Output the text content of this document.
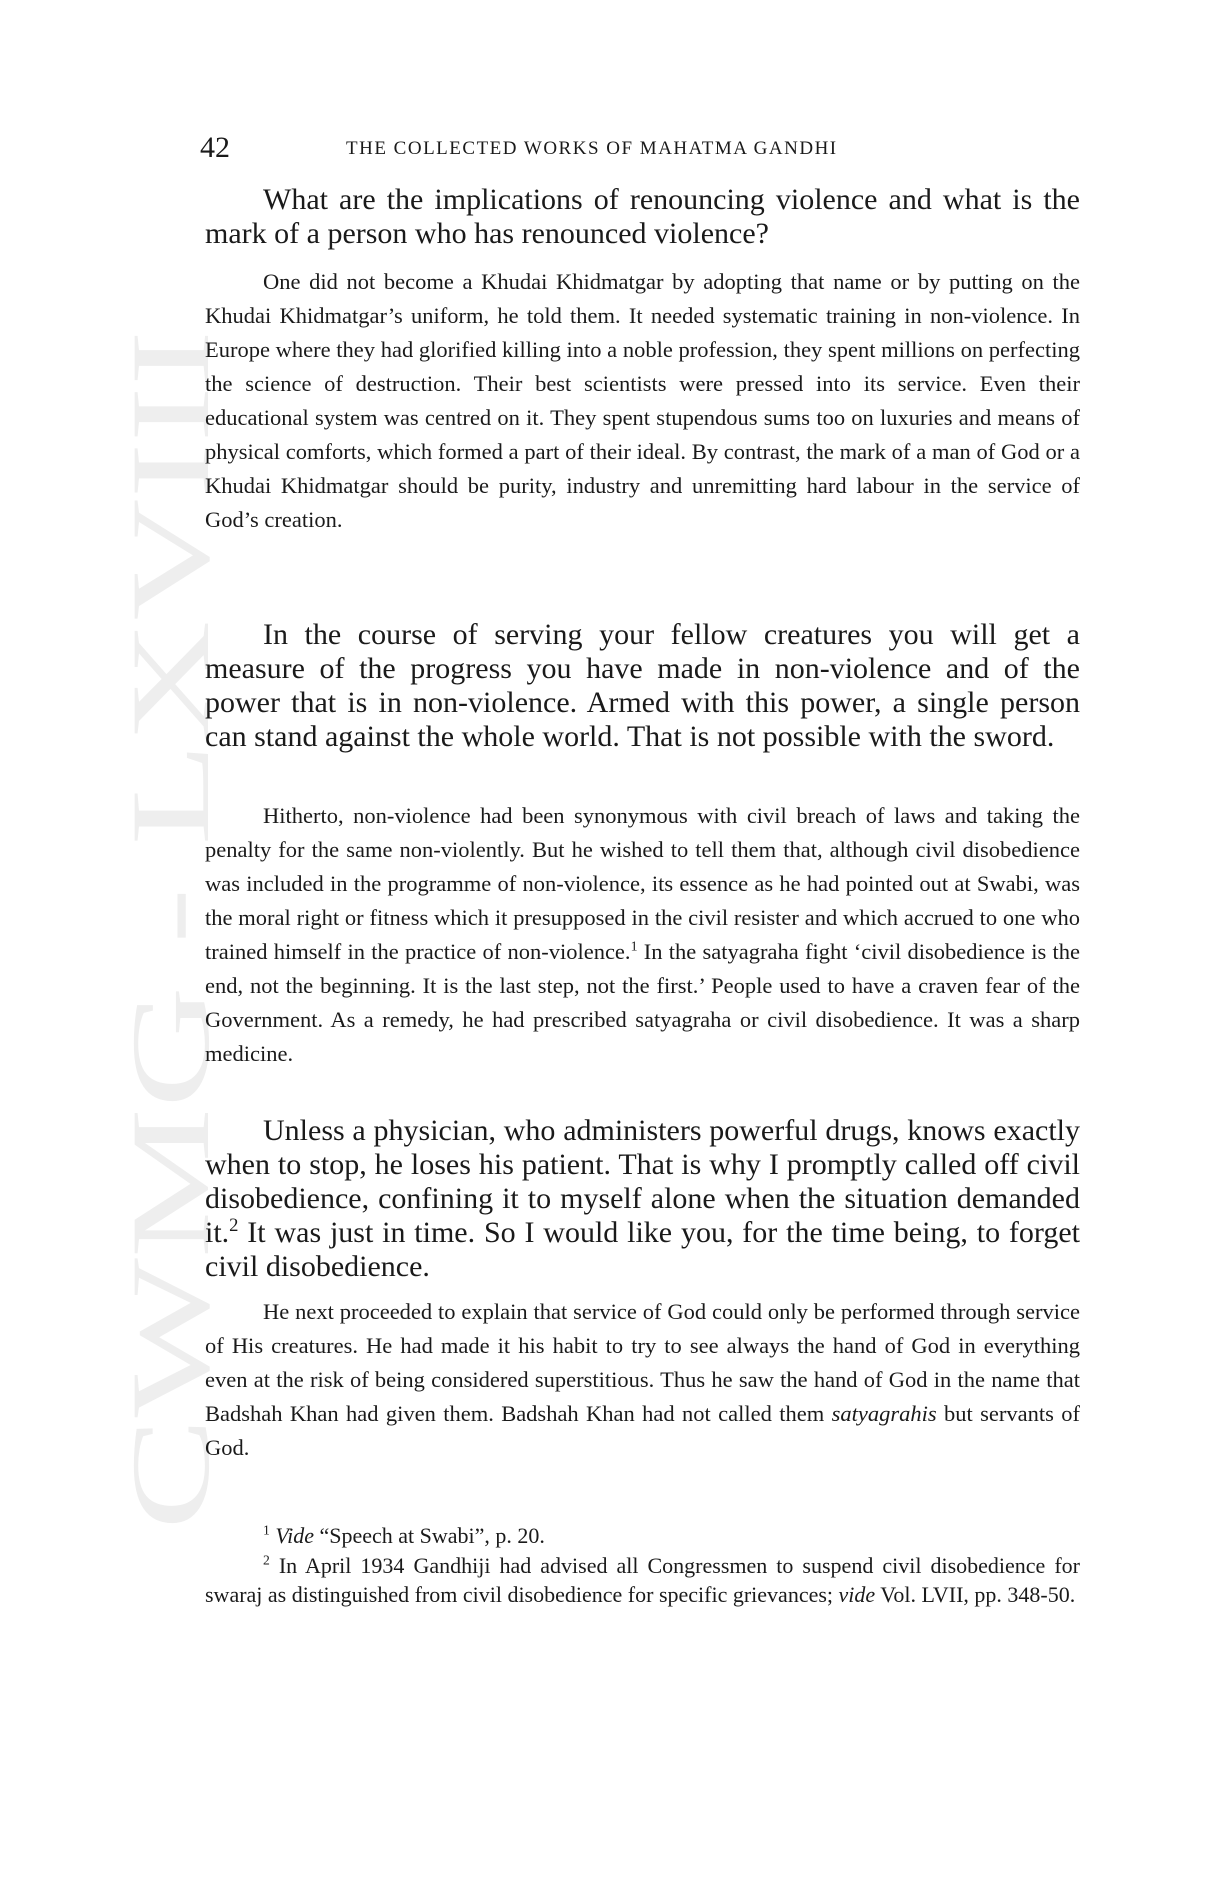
CWMG LXVIII
42	THE COLLECTED WORKS OF MAHATMA GANDHI
What are the implications of renouncing violence and what is the mark of a person who has renounced violence?
One did not become a Khudai Khidmatgar by adopting that name or by putting on the Khudai Khidmatgar’s uniform, he told them. It needed systematic training in non-violence. In Europe where they had glorified killing into a noble profession, they spent millions on perfecting the science of destruction. Their best scientists were pressed into its service. Even their educational system was centred on it. They spent stupendous sums too on luxuries and means of physical comforts, which formed a part of their ideal. By contrast, the mark of a man of God or a Khudai Khidmatgar should be purity, industry and unremitting hard labour in the service of God’s creation.
In the course of serving your fellow creatures you will get a measure of the progress you have made in non-violence and of the power that is in non-violence. Armed with this power, a single person can stand against the whole world. That is not possible with the sword.
Hitherto, non-violence had been synonymous with civil breach of laws and taking the penalty for the same non-violently. But he wished to tell them that, although civil disobedience was included in the programme of non-violence, its essence as he had pointed out at Swabi, was the moral right or fitness which it presupposed in the civil resister and which accrued to one who trained himself in the practice of non-violence.$^1$ In the satyagraha fight ‘civil disobedience is the end, not the beginning. It is the last step, not the first.’ People used to have a craven fear of the Government. As a remedy, he had prescribed satyagraha or civil disobedience. It was a sharp medicine.
Unless a physician, who administers powerful drugs, knows exactly when to stop, he loses his patient. That is why I promptly called off civil disobedience, confining it to myself alone when the situation demanded it.$^2$ It was just in time. So I would like you, for the time being, to forget civil disobedience.
He next proceeded to explain that service of God could only be performed through service of His creatures. He had made it his habit to try to see always the hand of God in everything even at the risk of being considered superstitious. Thus he saw the hand of God in the name that Badshah Khan had given them. Badshah Khan had not called them satyagrahis but servants of God.
$^1$ Vide “Speech at Swabi”, p. 20.
$^2$ In April 1934 Gandhiji had advised all Congressmen to suspend civil disobedience for swaraj as distinguished from civil disobedience for specific grievances; vide Vol. LVII, pp. 348-50.
